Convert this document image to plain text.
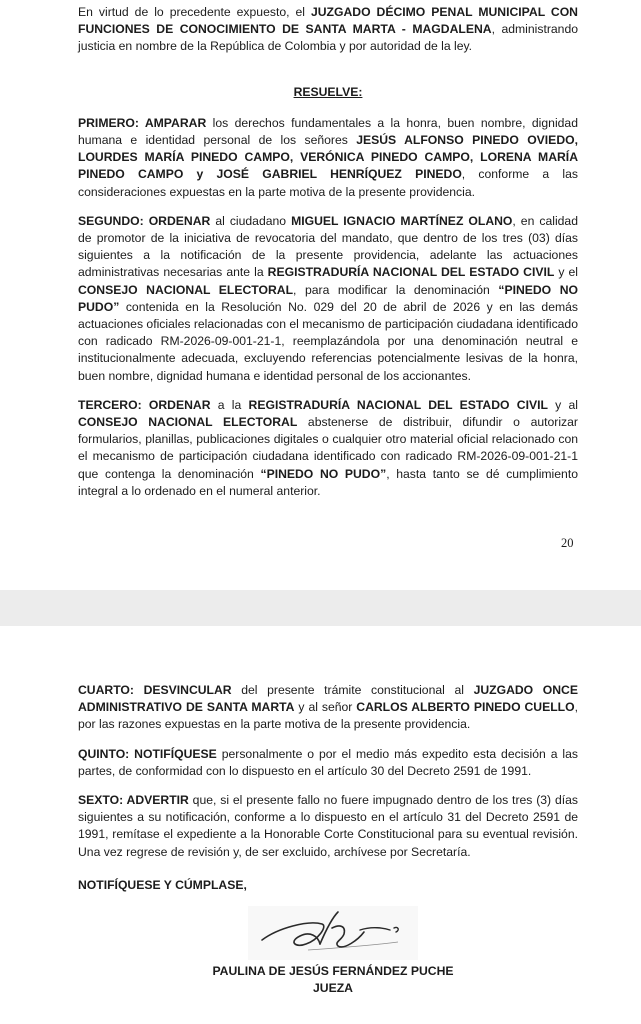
En virtud de lo precedente expuesto, el JUZGADO DÉCIMO PENAL MUNICIPAL CON FUNCIONES DE CONOCIMIENTO DE SANTA MARTA - MAGDALENA, administrando justicia en nombre de la República de Colombia y por autoridad de la ley.

RESUELVE:

PRIMERO: AMPARAR los derechos fundamentales a la honra, buen nombre, dignidad humana e identidad personal de los señores JESÚS ALFONSO PINEDO OVIEDO, LOURDES MARÍA PINEDO CAMPO, VERÓNICA PINEDO CAMPO, LORENA MARÍA PINEDO CAMPO y JOSÉ GABRIEL HENRÍQUEZ PINEDO, conforme a las consideraciones expuestas en la parte motiva de la presente providencia.

SEGUNDO: ORDENAR al ciudadano MIGUEL IGNACIO MARTÍNEZ OLANO, en calidad de promotor de la iniciativa de revocatoria del mandato, que dentro de los tres (03) días siguientes a la notificación de la presente providencia, adelante las actuaciones administrativas necesarias ante la REGISTRADURÍA NACIONAL DEL ESTADO CIVIL y el CONSEJO NACIONAL ELECTORAL, para modificar la denominación “PINEDO NO PUDO” contenida en la Resolución No. 029 del 20 de abril de 2026 y en las demás actuaciones oficiales relacionadas con el mecanismo de participación ciudadana identificado con radicado RM-2026-09-001-21-1, reemplazándola por una denominación neutral e institucionalmente adecuada, excluyendo referencias potencialmente lesivas de la honra, buen nombre, dignidad humana e identidad personal de los accionantes.

TERCERO: ORDENAR a la REGISTRADURÍA NACIONAL DEL ESTADO CIVIL y al CONSEJO NACIONAL ELECTORAL abstenerse de distribuir, difundir o autorizar formularios, planillas, publicaciones digitales o cualquier otro material oficial relacionado con el mecanismo de participación ciudadana identificado con radicado RM-2026-09-001-21-1 que contenga la denominación “PINEDO NO PUDO”, hasta tanto se dé cumplimiento integral a lo ordenado en el numeral anterior.

20

CUARTO: DESVINCULAR del presente trámite constitucional al JUZGADO ONCE ADMINISTRATIVO DE SANTA MARTA y al señor CARLOS ALBERTO PINEDO CUELLO, por las razones expuestas en la parte motiva de la presente providencia.

QUINTO: NOTIFÍQUESE personalmente o por el medio más expedito esta decisión a las partes, de conformidad con lo dispuesto en el artículo 30 del Decreto 2591 de 1991.

SEXTO: ADVERTIR que, si el presente fallo no fuere impugnado dentro de los tres (3) días siguientes a su notificación, conforme a lo dispuesto en el artículo 31 del Decreto 2591 de 1991, remítase el expediente a la Honorable Corte Constitucional para su eventual revisión. Una vez regrese de revisión y, de ser excluido, archívese por Secretaría.

NOTIFÍQUESE Y CÚMPLASE,

PAULINA DE JESÚS FERNÁNDEZ PUCHE
JUEZA
